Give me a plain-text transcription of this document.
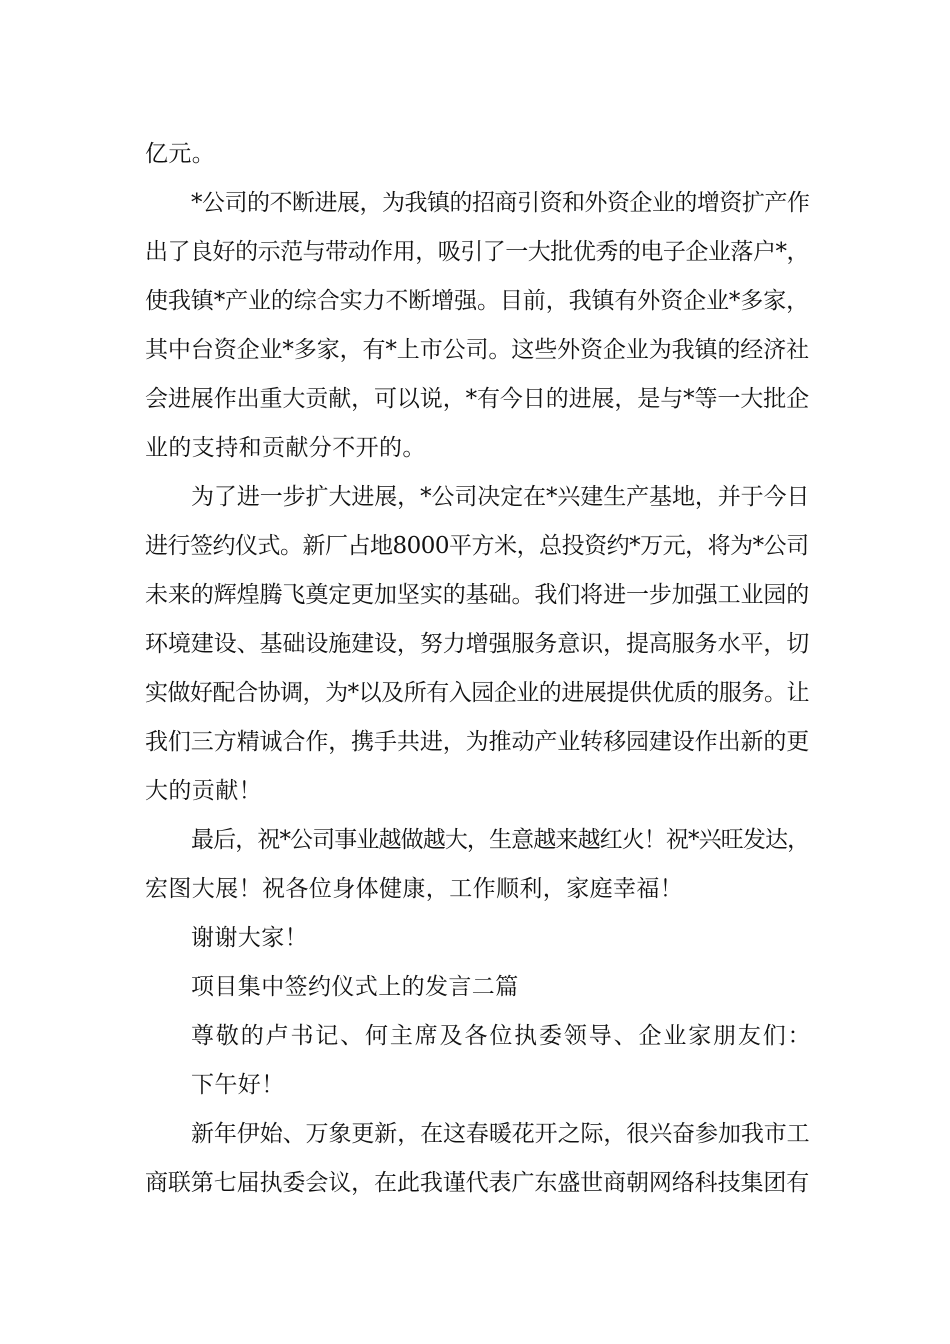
亿元。
*公司的不断进展，为我镇的招商引资和外资企业的增资扩产作
出了良好的示范与带动作用，吸引了一大批优秀的电子企业落户*，
使我镇*产业的综合实力不断增强。目前，我镇有外资企业*多家，
其中台资企业*多家，有*上市公司。这些外资企业为我镇的经济社
会进展作出重大贡献，可以说，*有今日的进展，是与*等一大批企
业的支持和贡献分不开的。
为了进一步扩大进展，*公司决定在*兴建生产基地，并于今日
进行签约仪式。新厂占地8000平方米，总投资约*万元，将为*公司
未来的辉煌腾飞奠定更加坚实的基础。我们将进一步加强工业园的
环境建设、基础设施建设，努力增强服务意识，提高服务水平，切
实做好配合协调，为*以及所有入园企业的进展提供优质的服务。让
我们三方精诚合作，携手共进，为推动产业转移园建设作出新的更
大的贡献！
最后，祝*公司事业越做越大，生意越来越红火！祝*兴旺发达，
宏图大展！祝各位身体健康，工作顺利，家庭幸福！
谢谢大家！
项目集中签约仪式上的发言二篇
尊敬的卢书记、何主席及各位执委领导、企业家朋友们：
下午好！
新年伊始、万象更新，在这春暖花开之际，很兴奋参加我市工
商联第七届执委会议，在此我谨代表广东盛世商朝网络科技集团有
